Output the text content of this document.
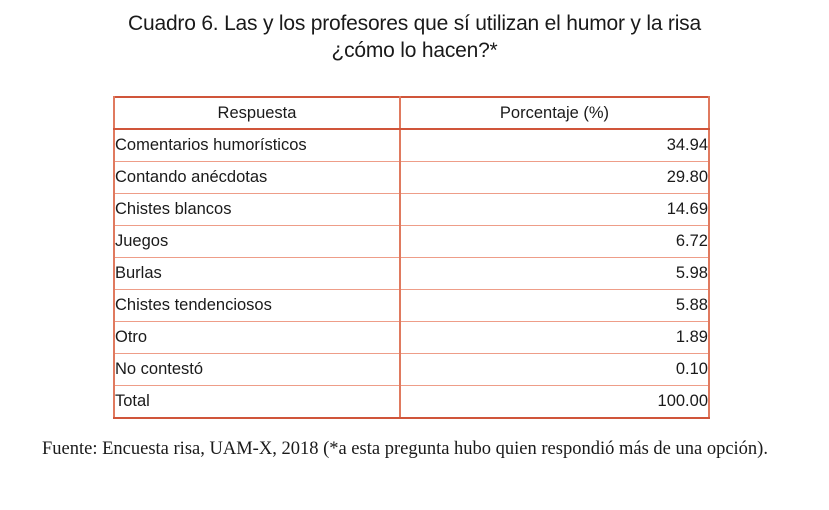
Cuadro 6. Las y los profesores que sí utilizan el humor y la risa
¿cómo lo hacen?*
Respuesta	Porcentaje (%)
Comentarios humorísticos	34.94
Contando anécdotas	29.80
Chistes blancos	14.69
Juegos	6.72
Burlas	5.98
Chistes tendenciosos	5.88
Otro	1.89
No contestó	0.10
Total	100.00
Fuente: Encuesta risa, UAM-X, 2018 (*a esta pregunta hubo quien respondió más de una opción).
